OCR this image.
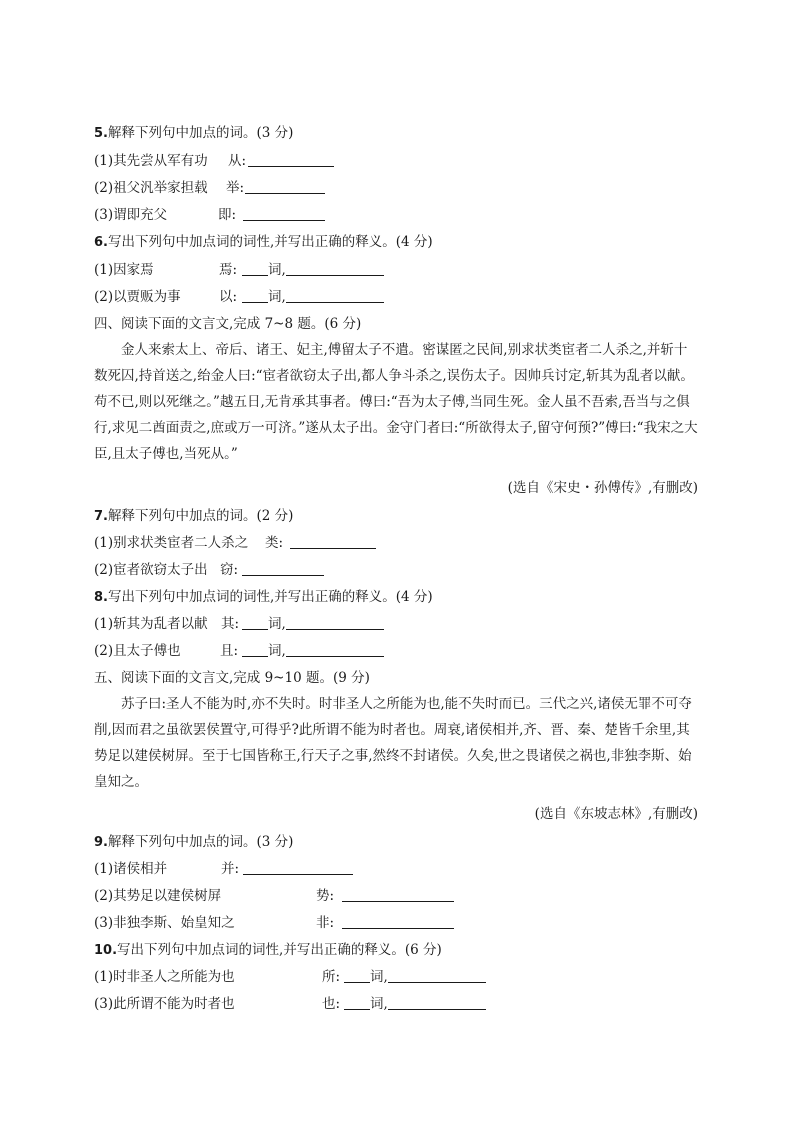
5.解释下列句中加点的词。(3 分)
(1)其先尝从军有功 从:
(2)祖父汎举家担载 举:
(3)谓即充父	即:
6.写出下列句中加点词的词性,并写出正确的释义。(4 分)
(1)因家焉	焉:	词,
(2)以贾贩为事	以:	词,
四、阅读下面的文言文,完成 7~8 题。(6 分)
金人来索太上、帝后、诸王、妃主,傅留太子不遣。密谋匿之民间,别求状类宦者二人杀之,并斩十数死囚,持首送之,绐金人曰:“宦者欲窃太子出,都人争斗杀之,误伤太子。因帅兵讨定,斩其为乱者以献。苟不已,则以死继之。”越五日,无肯承其事者。傅曰:“吾为太子傅,当同生死。金人虽不吾索,吾当与之俱行,求见二酋面责之,庶或万一可济。”遂从太子出。金守门者曰:“所欲得太子,留守何预?”傅曰:“我宋之大臣,且太子傅也,当死从。”
(选自《宋史・孙傅传》,有删改)
7.解释下列句中加点的词。(2 分)
(1)别求状类宦者二人杀之 类:
(2)宦者欲窃太子出 窃:
8.写出下列句中加点词的词性,并写出正确的释义。(4 分)
(1)斩其为乱者以献 其:	词,
(2)且太子傅也	且:	词,
五、阅读下面的文言文,完成 9~10 题。(9 分)
苏子曰:圣人不能为时,亦不失时。时非圣人之所能为也,能不失时而已。三代之兴,诸侯无罪不可夺削,因而君之虽欲罢侯置守,可得乎?此所谓不能为时者也。周衰,诸侯相并,齐、晋、秦、楚皆千余里,其势足以建侯树屏。至于七国皆称王,行天子之事,然终不封诸侯。久矣,世之畏诸侯之祸也,非独李斯、始皇知之。
(选自《东坡志林》,有删改)
9.解释下列句中加点的词。(3 分)
(1)诸侯相并	并:
(2)其势足以建侯树屏	势:
(3)非独李斯、始皇知之	非:
10.写出下列句中加点词的词性,并写出正确的释义。(6 分)
(1)时非圣人之所能为也	所:	词,
(3)此所谓不能为时者也	也:	词,
